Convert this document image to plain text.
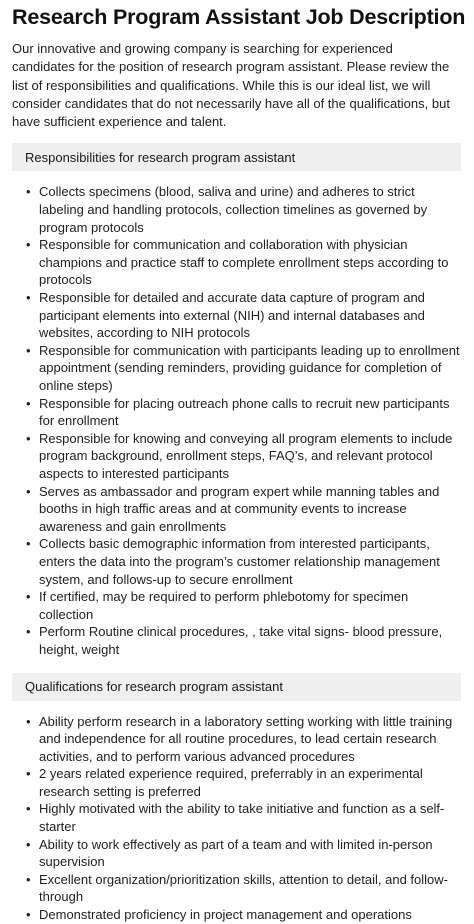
Research Program Assistant Job Description

Our innovative and growing company is searching for experienced candidates for the position of research program assistant. Please review the list of responsibilities and qualifications. While this is our ideal list, we will consider candidates that do not necessarily have all of the qualifications, but have sufficient experience and talent.

Responsibilities for research program assistant
• Collects specimens (blood, saliva and urine) and adheres to strict labeling and handling protocols, collection timelines as governed by program protocols
• Responsible for communication and collaboration with physician champions and practice staff to complete enrollment steps according to protocols
• Responsible for detailed and accurate data capture of program and participant elements into external (NIH) and internal databases and websites, according to NIH protocols
• Responsible for communication with participants leading up to enrollment appointment (sending reminders, providing guidance for completion of online steps)
• Responsible for placing outreach phone calls to recruit new participants for enrollment
• Responsible for knowing and conveying all program elements to include program background, enrollment steps, FAQ’s, and relevant protocol aspects to interested participants
• Serves as ambassador and program expert while manning tables and booths in high traffic areas and at community events to increase awareness and gain enrollments
• Collects basic demographic information from interested participants, enters the data into the program’s customer relationship management system, and follows-up to secure enrollment
• If certified, may be required to perform phlebotomy for specimen collection
• Perform Routine clinical procedures, , take vital signs- blood pressure, height, weight
Qualifications for research program assistant
• Ability perform research in a laboratory setting working with little training and independence for all routine procedures, to lead certain research activities, and to perform various advanced procedures
• 2 years related experience required, preferrably in an experimental research setting is preferred
• Highly motivated with the ability to take initiative and function as a self-starter
• Ability to work effectively as part of a team and with limited in-person supervision
• Excellent organization/prioritization skills, attention to detail, and follow-through
• Demonstrated proficiency in project management and operations
